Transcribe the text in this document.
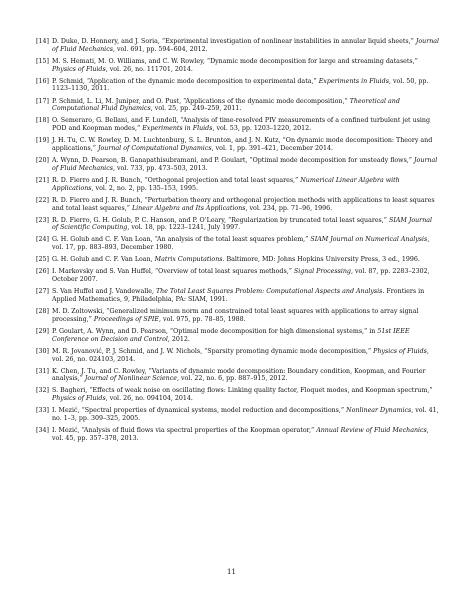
[14] D. Duke, D. Honnery, and J. Soria, “Experimental investigation of nonlinear instabilities in annular liquid sheets,” Journal of Fluid Mechanics, vol. 691, pp. 594–604, 2012.
[15] M. S. Hemati, M. O. Williams, and C. W. Rowley, “Dynamic mode decomposition for large and streaming datasets,” Physics of Fluids, vol. 26, no. 111701, 2014.
[16] P. Schmid, “Application of the dynamic mode decomposition to experimental data,” Experiments in Fluids, vol. 50, pp. 1123–1130, 2011.
[17] P. Schmid, L. Li, M. Juniper, and O. Pust, “Applications of the dynamic mode decomposition,” Theoretical and Computational Fluid Dynamics, vol. 25, pp. 249–259, 2011.
[18] O. Semeraro, G. Bellani, and F. Lundell, “Analysis of time-resolved PIV measurements of a confined turbulent jet using POD and Koopman modes,” Experiments in Fluids, vol. 53, pp. 1203–1220, 2012.
[19] J. H. Tu, C. W. Rowley, D. M. Luchtenburg, S. L. Brunton, and J. N. Kutz, “On dynamic mode decomposition: Theory and applications,” Journal of Computational Dynamics, vol. 1, pp. 391–421, December 2014.
[20] A. Wynn, D. Pearson, B. Ganapathisubramani, and P. Goulart, “Optimal mode decomposition for unsteady flows,” Journal of Fluid Mechanics, vol. 733, pp. 473–503, 2013.
[21] R. D. Fierro and J. R. Bunch, “Orthogonal projection and total least squares,” Numerical Linear Algebra with Applications, vol. 2, no. 2, pp. 135–153, 1995.
[22] R. D. Fierro and J. R. Bunch, “Perturbation theory and orthogonal projection methods with applications to least squares and total least squares,” Linear Algebra and Its Applications, vol. 234, pp. 71–96, 1996.
[23] R. D. Fierro, G. H. Golub, P. C. Hanson, and P. O’Leary, “Regularization by truncated total least squares,” SIAM Journal of Scientific Computing, vol. 18, pp. 1223–1241, July 1997.
[24] G. H. Golub and C. F. Van Loan, “An analysis of the total least squares problem,” SIAM Journal on Numerical Analysis, vol. 17, pp. 883–893, December 1980.
[25] G. H. Golub and C. F. Van Loan, Matrix Computations. Baltimore, MD: Johns Hopkins University Press, 3 ed., 1996.
[26] I. Markovsky and S. Van Huffel, “Overview of total least squares methods,” Signal Processing, vol. 87, pp. 2283–2302, October 2007.
[27] S. Van Huffel and J. Vandewalle, The Total Least Squares Problem: Computational Aspects and Analysis. Frontiers in Applied Mathematics, 9, Philadelphia, PA: SIAM, 1991.
[28] M. D. Zoltowski, “Generalized minimum norm and constrained total least squares with applications to array signal processing,” Proceedings of SPIE, vol. 975, pp. 78–85, 1988.
[29] P. Goulart, A. Wynn, and D. Pearson, “Optimal mode decomposition for high dimensional systems,” in 51st IEEE Conference on Decision and Control, 2012.
[30] M. R. Jovanović, P. J. Schmid, and J. W. Nichols, “Sparsity promoting dynamic mode decomposition,” Physics of Fluids, vol. 26, no. 024103, 2014.
[31] K. Chen, J. Tu, and C. Rowley, “Variants of dynamic mode decomposition: Boundary condition, Koopman, and Fourier analysis,” Journal of Nonlinear Science, vol. 22, no. 6, pp. 887–915, 2012.
[32] S. Bagheri, “Effects of weak noise on oscillating flows: Linking quality factor, Floquet modes, and Koopman spectrum,” Physics of Fluids, vol. 26, no. 094104, 2014.
[33] I. Mezić, “Spectral properties of dynamical systems, model reduction and decompositions,” Nonlinear Dynamics, vol. 41, no. 1–3, pp. 309–325, 2005.
[34] I. Mezić, “Analysis of fluid flows via spectral properties of the Koopman operator,” Annual Review of Fluid Mechanics, vol. 45, pp. 357–378, 2013.
11
